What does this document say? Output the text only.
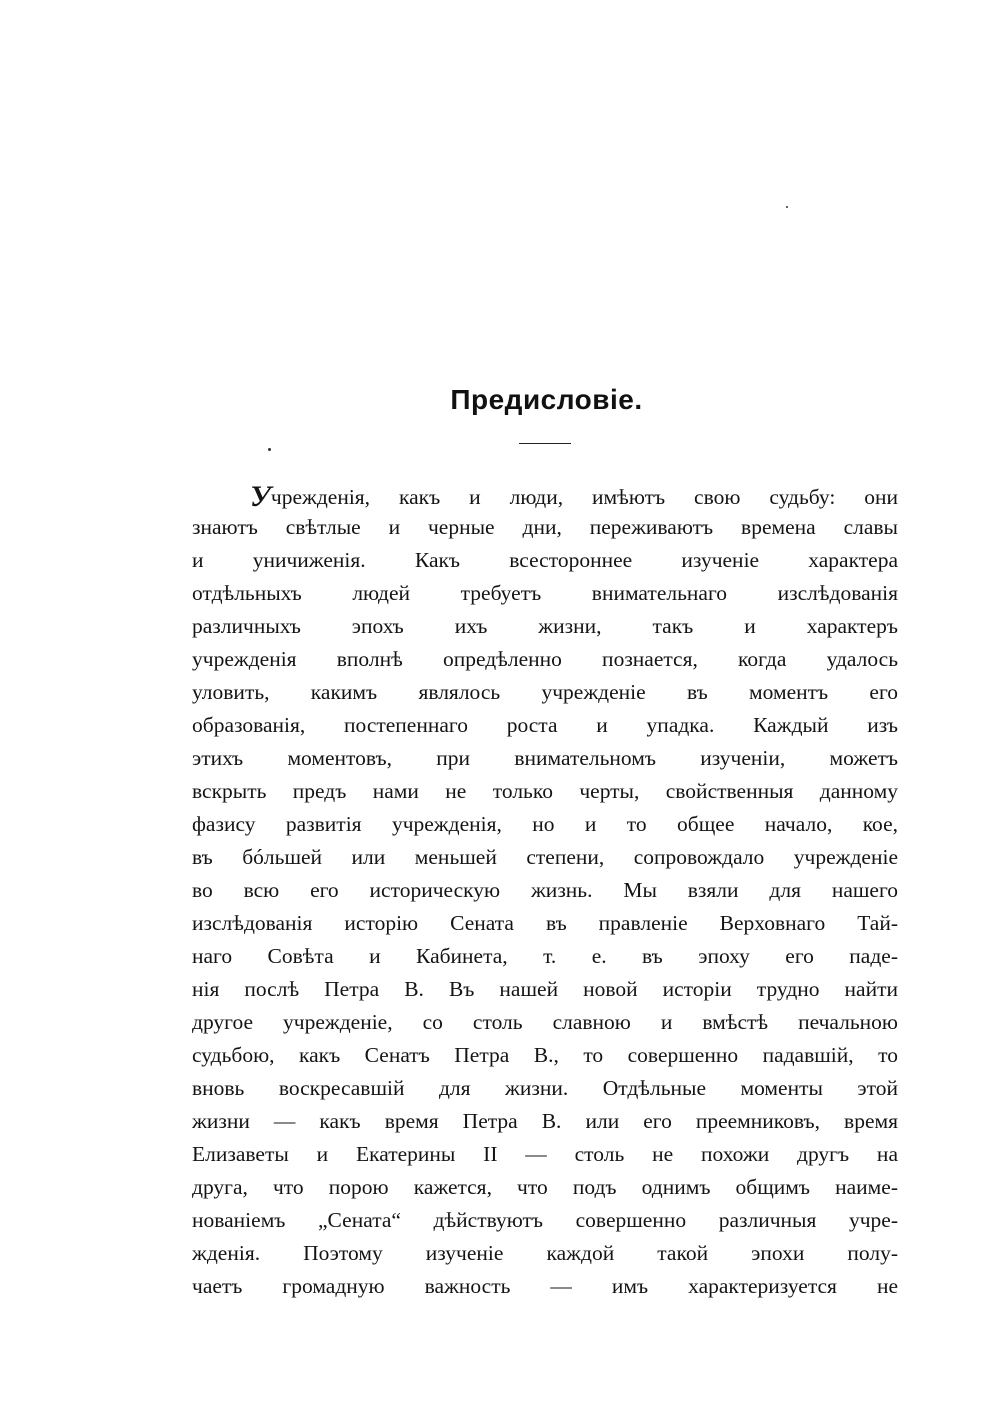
Предисловіе.
Учрежденія, какъ и люди, имѣютъ свою судьбу: они
знаютъ свѣтлые и черные дни, переживаютъ времена славы
и уничиженія. Какъ всестороннее изученіе характера
отдѣльныхъ людей требуетъ внимательнаго изслѣдованія
различныхъ эпохъ ихъ жизни, такъ и характеръ
учрежденія вполнѣ опредѣленно познается, когда удалось
уловить, какимъ являлось учрежденіе въ моментъ его
образованія, постепеннаго роста и упадка. Каждый изъ
этихъ моментовъ, при внимательномъ изученіи, можетъ
вскрыть предъ нами не только черты, свойственныя данному
фазису развитія учрежденія, но и то общее начало, кое,
въ бóльшей или меньшей степени, сопровождало учрежденіе
во всю его историческую жизнь. Мы взяли для нашего
изслѣдованія исторію Сената въ правленіе Верховнаго Тай-
наго Совѣта и Кабинета, т. е. въ эпоху его паде-
нія послѣ Петра В. Въ нашей новой исторіи трудно найти
другое учрежденіе, со столь славною и вмѣстѣ печальною
судьбою, какъ Сенатъ Петра В., то совершенно падавшій, то
вновь воскресавшій для жизни. Отдѣльные моменты этой
жизни — какъ время Петра В. или его преемниковъ, время
Елизаветы и Екатерины II — столь не похожи другъ на
друга, что порою кажется, что подъ однимъ общимъ наиме-
нованіемъ „Сената“ дѣйствуютъ совершенно различныя учре-
жденія. Поэтому изученіе каждой такой эпохи полу-
чаетъ громадную важность — имъ характеризуется не
